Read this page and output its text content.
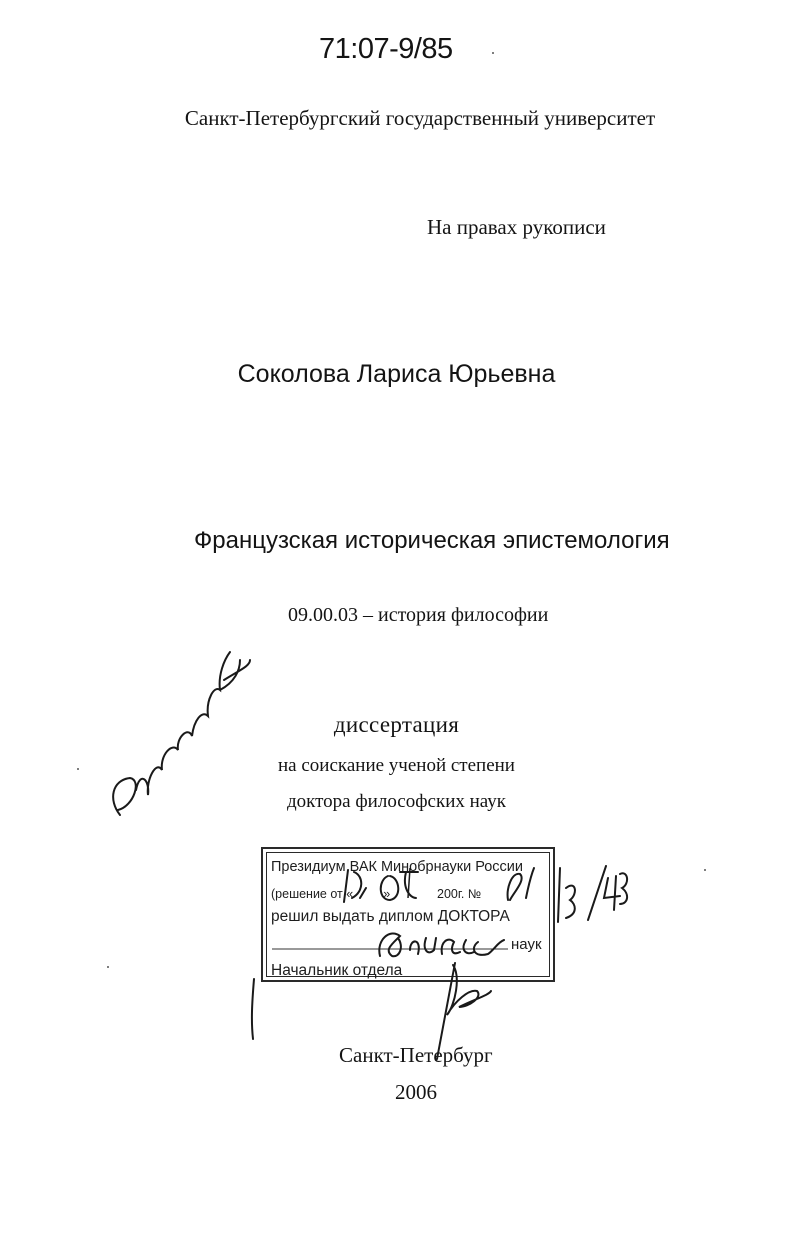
71:07-9/85
Санкт-Петербургский государственный университет
На правах рукописи
Соколова Лариса Юрьевна
Французская историческая эпистемология
09.00.03 – история философии
диссертация
на соискание ученой степени
доктора философских наук
Президиум ВАК Минобрнауки России
(решение от « »	200г. №
решил выдать диплом ДОКТОРА
наук
Начальник отдела
Санкт-Петербург
2006
